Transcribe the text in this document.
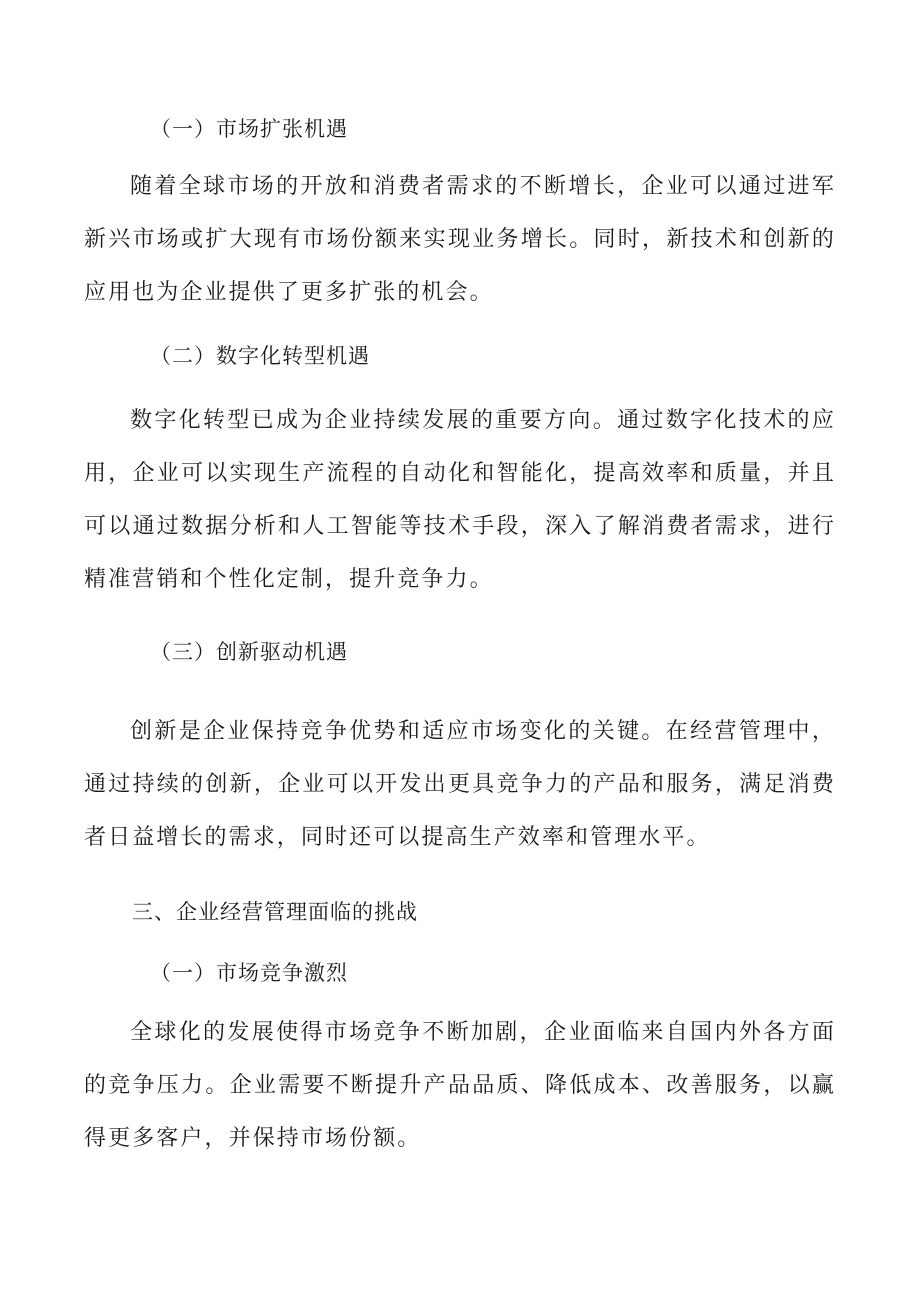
（一）市场扩张机遇

随着全球市场的开放和消费者需求的不断增长，企业可以通过进军新兴市场或扩大现有市场份额来实现业务增长。同时，新技术和创新的应用也为企业提供了更多扩张的机会。

（二）数字化转型机遇

数字化转型已成为企业持续发展的重要方向。通过数字化技术的应用，企业可以实现生产流程的自动化和智能化，提高效率和质量，并且可以通过数据分析和人工智能等技术手段，深入了解消费者需求，进行精准营销和个性化定制，提升竞争力。

（三）创新驱动机遇

创新是企业保持竞争优势和适应市场变化的关键。在经营管理中，通过持续的创新，企业可以开发出更具竞争力的产品和服务，满足消费者日益增长的需求，同时还可以提高生产效率和管理水平。

三、企业经营管理面临的挑战
（一）市场竞争激烈

全球化的发展使得市场竞争不断加剧，企业面临来自国内外各方面的竞争压力。企业需要不断提升产品品质、降低成本、改善服务，以赢得更多客户，并保持市场份额。
